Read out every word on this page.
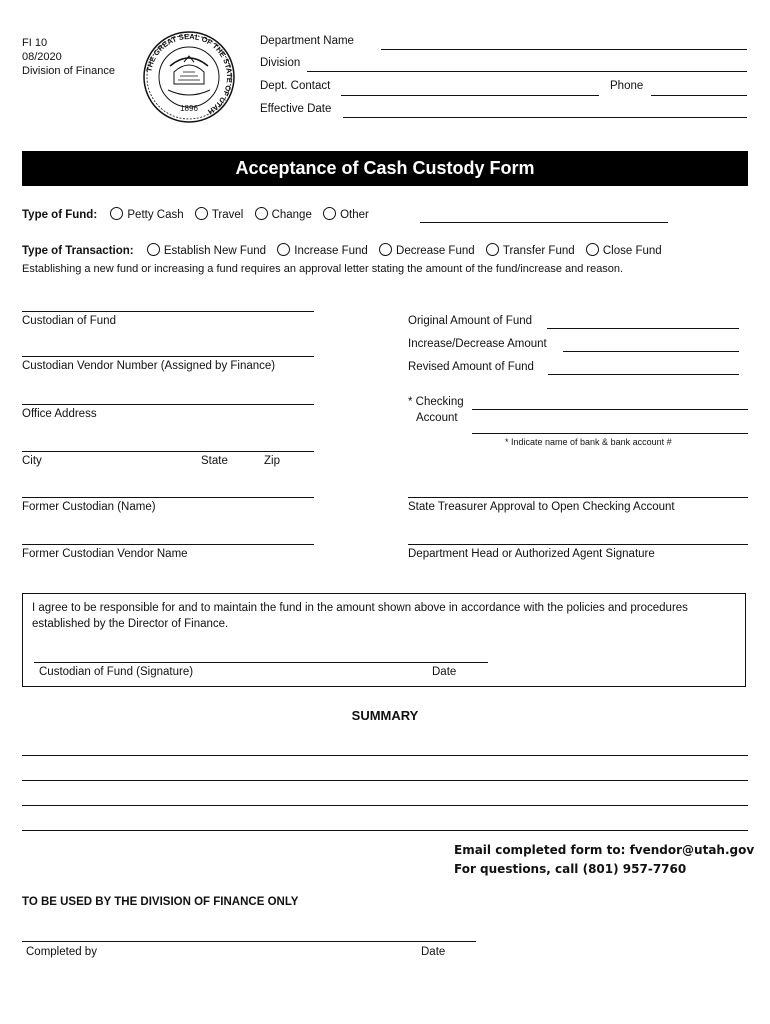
FI 10
08/2020
Division of Finance	THE GREAT SEAL OF THE STATE OF UTAH
1896
Department Name
Division
Dept. Contact	Phone
Effective Date
Acceptance of Cash Custody Form
Type of Fund:	Petty Cash Travel Change Other
Type of Transaction:	Establish New Fund Increase Fund Decrease Fund Transfer Fund Close Fund
Establishing a new fund or increasing a fund requires an approval letter stating the amount of the fund/increase and reason.
Custodian of Fund
Custodian Vendor Number (Assigned by Finance)
Office Address
City	State	Zip
Former Custodian (Name)
Former Custodian Vendor Name
Original Amount of Fund
Increase/Decrease Amount
Revised Amount of Fund
* Checking
Account
* Indicate name of bank & bank account #
State Treasurer Approval to Open Checking Account
Department Head or Authorized Agent Signature
I agree to be responsible for and to maintain the fund in the amount shown above in accordance with the policies and procedures established by the Director of Finance.
Custodian of Fund (Signature)	Date
SUMMARY
Email completed form to: fvendor@utah.gov
For questions, call (801) 957-7760
TO BE USED BY THE DIVISION OF FINANCE ONLY
Completed by	Date
